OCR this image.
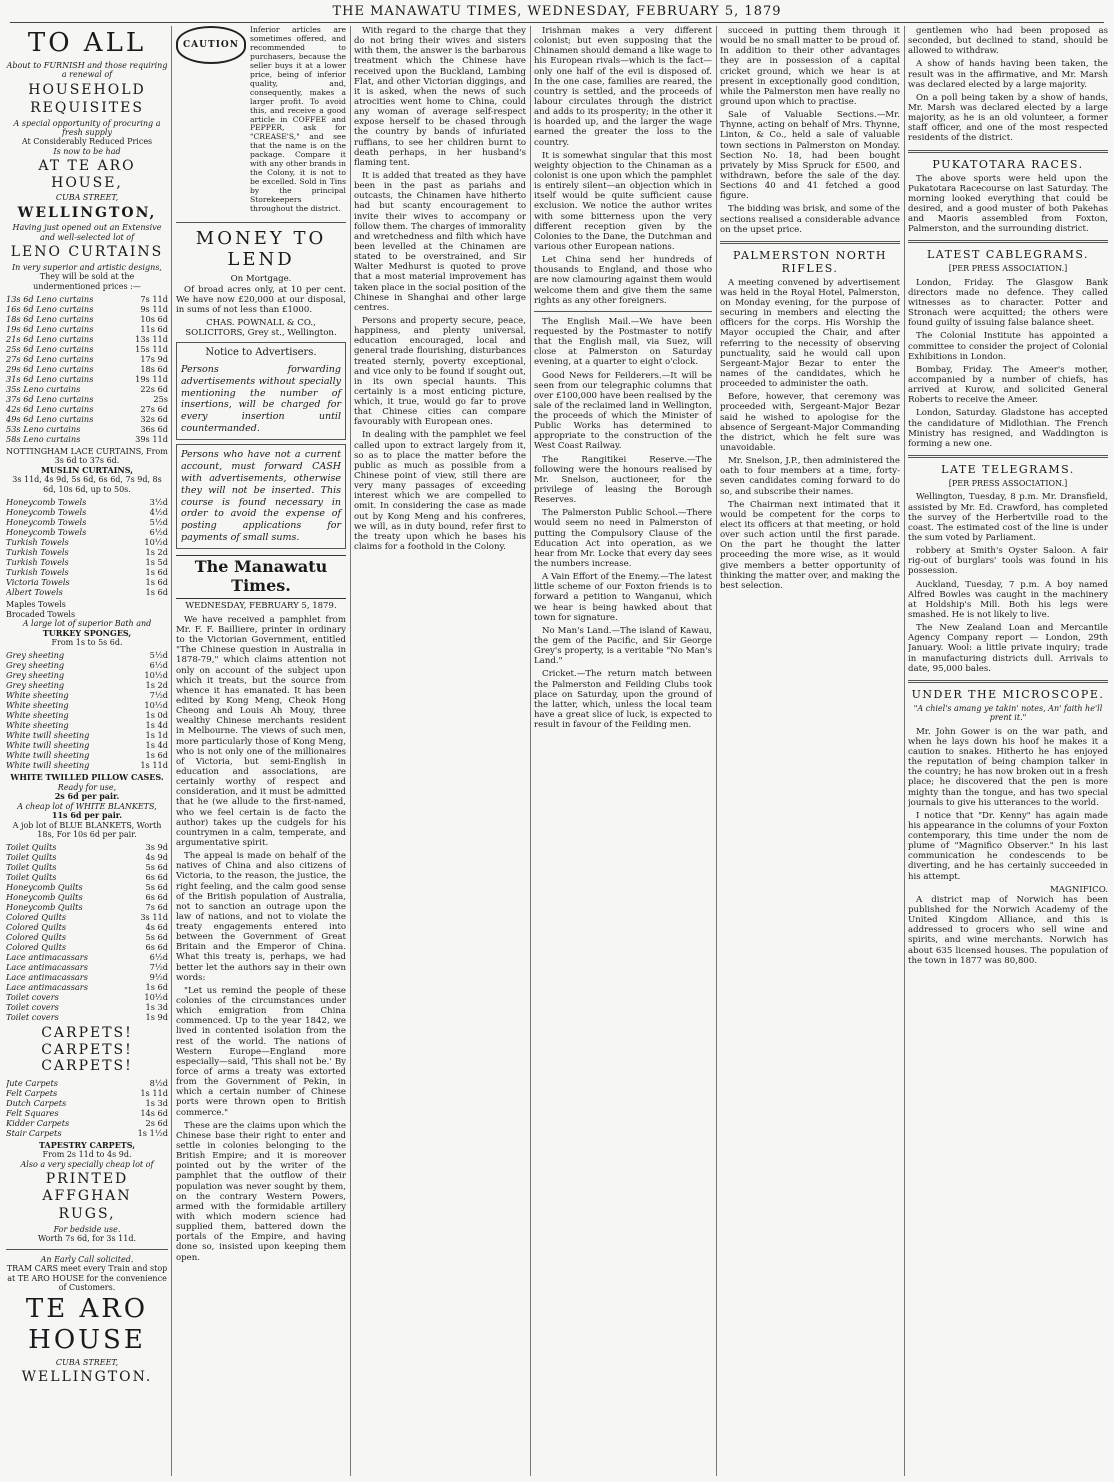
THE MANAWATU TIMES, WEDNESDAY, FEBRUARY 5, 1879
TO ALL
About to FURNISH and those requiring a renewal of
HOUSEHOLD
REQUISITES
A special opportunity of procuring a fresh supply
At Considerably Reduced Prices
Is now to be had
AT TE ARO HOUSE,
CUBA STREET,
WELLINGTON,
Having just opened out an Extensive and well-selected lot of
LENO CURTAINS
In very superior and artistic designs,
They will be sold at the undermentioned prices :—
13s 6d Leno curtains	7s 11d
16s 6d Leno curtains	9s 11d
18s 6d Leno curtains	10s 6d
19s 6d Leno curtains	11s 6d
21s 6d Leno curtains	13s 11d
25s 6d Leno curtains	15s 11d
27s 6d Leno curtains	17s 9d
29s 6d Leno curtains	18s 6d
31s 6d Leno curtains	19s 11d
35s Leno curtains	22s 6d
37s 6d Leno curtains	25s
42s 6d Leno curtains	27s 6d
49s 6d Leno curtains	32s 6d
53s Leno curtains	36s 6d
58s Leno curtains	39s 11d
NOTTINGHAM LACE CURTAINS, From 3s 6d to 37s 6d.
MUSLIN CURTAINS,
3s 11d, 4s 9d, 5s 6d, 6s 6d, 7s 9d, 8s 6d, 10s 6d, up to 50s.
Honeycomb Towels	3½d
Honeycomb Towels	4½d
Honeycomb Towels	5½d
Honeycomb Towels	6½d
Turkish Towels	10½d
Turkish Towels	1s 2d
Turkish Towels	1s 5d
Turkish Towels	1s 6d
Victoria Towels	1s 6d
Albert Towels	1s 6d
Maples Towels
Brocaded Towels
A large lot of superior Bath and
TURKEY SPONGES,
From 1s to 5s 6d.
Grey sheeting	5½d
Grey sheeting	6½d
Grey sheeting	10½d
Grey sheeting	1s 2d
White sheeting	7½d
White sheeting	10½d
White sheeting	1s 0d
White sheeting	1s 4d
White twill sheeting	1s 1d
White twill sheeting	1s 4d
White twill sheeting	1s 6d
White twill sheeting	1s 11d
WHITE TWILLED PILLOW CASES.
Ready for use,
2s 6d per pair.
A cheap lot of WHITE BLANKETS,
11s 6d per pair.
A job lot of BLUE BLANKETS, Worth 18s, For 10s 6d per pair.
Toilet Quilts	3s 9d
Toilet Quilts	4s 9d
Toilet Quilts	5s 6d
Toilet Quilts	6s 6d
Honeycomb Quilts	5s 6d
Honeycomb Quilts	6s 6d
Honeycomb Quilts	7s 6d
Colored Quilts	3s 11d
Colored Quilts	4s 6d
Colored Quilts	5s 6d
Colored Quilts	6s 6d
Lace antimacassars	6½d
Lace antimacassars	7½d
Lace antimacassars	9½d
Lace antimacassars	1s 6d
Toilet covers	10½d
Toilet covers	1s 3d
Toilet covers	1s 9d
CARPETS! CARPETS! CARPETS!
Jute Carpets	8½d
Felt Carpets	1s 11d
Dutch Carpets	1s 3d
Felt Squares	14s 6d
Kidder Carpets	2s 6d
Stair Carpets	1s 1½d
TAPESTRY CARPETS,
From 2s 11d to 4s 9d.
Also a very specially cheap lot of
PRINTED AFFGHAN
RUGS,
For bedside use.
Worth 7s 6d, for 3s 11d.
An Early Call solicited.
TRAM CARS meet every Train and stop at TE ARO HOUSE for the convenience of Customers.
TE ARO HOUSE
CUBA STREET,
WELLINGTON.
CAUTION

Inferior articles are sometimes offered, and recommended to purchasers, because the seller buys it at a lower price, being of inferior quality, and, consequently, makes a larger profit. To avoid this, and receive a good article in COFFEE and PEPPER, ask for "CREASE'S," and see that the name is on the package. Compare it with any other brands in the Colony, it is not to be excelled. Sold in Tins by the principal Storekeepers throughout the district.

MONEY TO LEND
On Mortgage.

Of broad acres only, at 10 per cent. We have now £20,000 at our disposal, in sums of not less than £1000.

CHAS. POWNALL & CO., SOLICITORS, Grey st., Wellington.
Notice to Advertisers.
Persons forwarding advertisements without specially mentioning the number of insertions, will be charged for every insertion until countermanded.
Persons who have not a current account, must forward CASH with advertisements, otherwise they will not be inserted. This course is found necessary in order to avoid the expense of posting applications for payments of small sums.
The Manawatu Times.
WEDNESDAY, FEBRUARY 5, 1879.

We have received a pamphlet from Mr. F. F. Bailliere, printer in ordinary to the Victorian Government, entitled "The Chinese question in Australia in 1878-79," which claims attention not only on account of the subject upon which it treats, but the source from whence it has emanated. It has been edited by Kong Meng, Cheok Hong Cheong and Louis Ah Mouy, three wealthy Chinese merchants resident in Melbourne. The views of such men, more particularly those of Kong Meng, who is not only one of the millionaires of Victoria, but semi-English in education and associations, are certainly worthy of respect and consideration, and it must be admitted that he (we allude to the first-named, who we feel certain is de facto the author) takes up the cudgels for his countrymen in a calm, temperate, and argumentative spirit.

The appeal is made on behalf of the natives of China and also citizens of Victoria, to the reason, the justice, the right feeling, and the calm good sense of the British population of Australia, not to sanction an outrage upon the law of nations, and not to violate the treaty engagements entered into between the Government of Great Britain and the Emperor of China. What this treaty is, perhaps, we had better let the authors say in their own words:

"Let us remind the people of these colonies of the circumstances under which emigration from China commenced. Up to the year 1842, we lived in contented isolation from the rest of the world. The nations of Western Europe—England more especially—said, 'This shall not be.' By force of arms a treaty was extorted from the Government of Pekin, in which a certain number of Chinese ports were thrown open to British commerce."

These are the claims upon which the Chinese base their right to enter and settle in colonies belonging to the British Empire; and it is moreover pointed out by the writer of the pamphlet that the outflow of their population was never sought by them, on the contrary Western Powers, armed with the formidable artillery with which modern science had supplied them, battered down the portals of the Empire, and having done so, insisted upon keeping them open.

With regard to the charge that they do not bring their wives and sisters with them, the answer is the barbarous treatment which the Chinese have received upon the Buckland, Lambing Flat, and other Victorian diggings, and it is asked, when the news of such atrocities went home to China, could any woman of average self-respect expose herself to be chased through the country by bands of infuriated ruffians, to see her children burnt to death perhaps, in her husband's flaming tent.

It is added that treated as they have been in the past as pariahs and outcasts, the Chinamen have hitherto had but scanty encouragement to invite their wives to accompany or follow them. The charges of immorality and wretchedness and filth which have been levelled at the Chinamen are stated to be overstrained, and Sir Walter Medhurst is quoted to prove that a most material improvement has taken place in the social position of the Chinese in Shanghai and other large centres.

Persons and property secure, peace, happiness, and plenty universal, education encouraged, local and general trade flourishing, disturbances treated sternly, poverty exceptional, and vice only to be found if sought out, in its own special haunts. This certainly is a most enticing picture, which, it true, would go far to prove that Chinese cities can compare favourably with European ones.

In dealing with the pamphlet we feel called upon to extract largely from it, so as to place the matter before the public as much as possible from a Chinese point of view, still there are very many passages of exceeding interest which we are compelled to omit. In considering the case as made out by Kong Meng and his confreres, we will, as in duty bound, refer first to the treaty upon which he bases his claims for a foothold in the Colony.

Irishman makes a very different colonist; but even supposing that the Chinamen should demand a like wage to his European rivals—which is the fact—only one half of the evil is disposed of. In the one case, families are reared, the country is settled, and the proceeds of labour circulates through the district and adds to its prosperity; in the other it is hoarded up, and the larger the wage earned the greater the loss to the country.

It is somewhat singular that this most weighty objection to the Chinaman as a colonist is one upon which the pamphlet is entirely silent—an objection which in itself would be quite sufficient cause exclusion. We notice the author writes with some bitterness upon the very different reception given by the Colonies to the Dane, the Dutchman and various other European nations.

Let China send her hundreds of thousands to England, and those who are now clamouring against them would welcome them and give them the same rights as any other foreigners.

The English Mail.—We have been requested by the Postmaster to notify that the English mail, via Suez, will close at Palmerston on Saturday evening, at a quarter to eight o'clock.

Good News for Feilderers.—It will be seen from our telegraphic columns that over £100,000 have been realised by the sale of the reclaimed land in Wellington, the proceeds of which the Minister of Public Works has determined to appropriate to the construction of the West Coast Railway.

The Rangitikei Reserve.—The following were the honours realised by Mr. Snelson, auctioneer, for the privilege of leasing the Borough Reserves.

The Palmerston Public School.—There would seem no need in Palmerston of putting the Compulsory Clause of the Education Act into operation, as we hear from Mr. Locke that every day sees the numbers increase.

A Vain Effort of the Enemy.—The latest little scheme of our Foxton friends is to forward a petition to Wanganui, which we hear is being hawked about that town for signature.

No Man's Land.—The island of Kawau, the gem of the Pacific, and Sir George Grey's property, is a veritable "No Man's Land."

Cricket.—The return match between the Palmerston and Feilding Clubs took place on Saturday, upon the ground of the latter, which, unless the local team have a great slice of luck, is expected to result in favour of the Feilding men.

succeed in putting them through it would be no small matter to be proud of. In addition to their other advantages they are in possession of a capital cricket ground, which we hear is at present in exceptionally good condition, while the Palmerston men have really no ground upon which to practise.

Sale of Valuable Sections.—Mr. Thynne, acting on behalf of Mrs. Thynne, Linton, & Co., held a sale of valuable town sections in Palmerston on Monday. Section No. 18, had been bought privately by Miss Spruck for £500, and withdrawn, before the sale of the day. Sections 40 and 41 fetched a good figure.

The bidding was brisk, and some of the sections realised a considerable advance on the upset price.

PALMERSTON NORTH RIFLES.

A meeting convened by advertisement was held in the Royal Hotel, Palmerston, on Monday evening, for the purpose of securing in members and electing the officers for the corps. His Worship the Mayor occupied the Chair, and after referring to the necessity of observing punctuality, said he would call upon Sergeant-Major Bezar to enter the names of the candidates, which he proceeded to administer the oath.

Before, however, that ceremony was proceeded with, Sergeant-Major Bezar said he wished to apologise for the absence of Sergeant-Major Commanding the district, which he felt sure was unavoidable.

Mr. Snelson, J.P., then administered the oath to four members at a time, forty-seven candidates coming forward to do so, and subscribe their names.

The Chairman next intimated that it would be competent for the corps to elect its officers at that meeting, or hold over such action until the first parade. On the part he thought the latter proceeding the more wise, as it would give members a better opportunity of thinking the matter over, and making the best selection.

gentlemen who had been proposed as seconded, but declined to stand, should be allowed to withdraw.

A show of hands having been taken, the result was in the affirmative, and Mr. Marsh was declared elected by a large majority.

On a poll being taken by a show of hands, Mr. Marsh was declared elected by a large majority, as he is an old volunteer, a former staff officer, and one of the most respected residents of the district.

PUKATOTARA RACES.

The above sports were held upon the Pukatotara Racecourse on last Saturday. The morning looked everything that could be desired, and a good muster of both Pakehas and Maoris assembled from Foxton, Palmerston, and the surrounding district.

LATEST CABLEGRAMS.
[PER PRESS ASSOCIATION.]

London, Friday. The Glasgow Bank directors made no defence. They called witnesses as to character. Potter and Stronach were acquitted; the others were found guilty of issuing false balance sheet.

The Colonial Institute has appointed a committee to consider the project of Colonial Exhibitions in London.

Bombay, Friday. The Ameer's mother, accompanied by a number of chiefs, has arrived at Kurow, and solicited General Roberts to receive the Ameer.

London, Saturday. Gladstone has accepted the candidature of Midlothian. The French Ministry has resigned, and Waddington is forming a new one.

LATE TELEGRAMS.
[PER PRESS ASSOCIATION.]

Wellington, Tuesday, 8 p.m. Mr. Dransfield, assisted by Mr. Ed. Crawford, has completed the survey of the Herbertville road to the coast. The estimated cost of the line is under the sum voted by Parliament.

robbery at Smith's Oyster Saloon. A fair rig-out of burglars' tools was found in his possession.

Auckland, Tuesday, 7 p.m. A boy named Alfred Bowles was caught in the machinery at Holdship's Mill. Both his legs were smashed. He is not likely to live.

The New Zealand Loan and Mercantile Agency Company report — London, 29th January. Wool: a little private inquiry; trade in manufacturing districts dull. Arrivals to date, 95,000 bales.

UNDER THE MICROSCOPE.
"A chiel's amang ye takin' notes, An' faith he'll prent it."

Mr. John Gower is on the war path, and when he lays down his hoof he makes it a caution to snakes. Hitherto he has enjoyed the reputation of being champion talker in the country; he has now broken out in a fresh place; he discovered that the pen is more mighty than the tongue, and has two special journals to give his utterances to the world.

I notice that "Dr. Kenny" has again made his appearance in the columns of your Foxton contemporary, this time under the nom de plume of "Magnifico Observer." In his last communication he condescends to be diverting, and he has certainly succeeded in his attempt.

MAGNIFICO.

A district map of Norwich has been published for the Norwich Academy of the United Kingdom Alliance, and this is addressed to grocers who sell wine and spirits, and wine merchants. Norwich has about 635 licensed houses. The population of the town in 1877 was 80,800.
